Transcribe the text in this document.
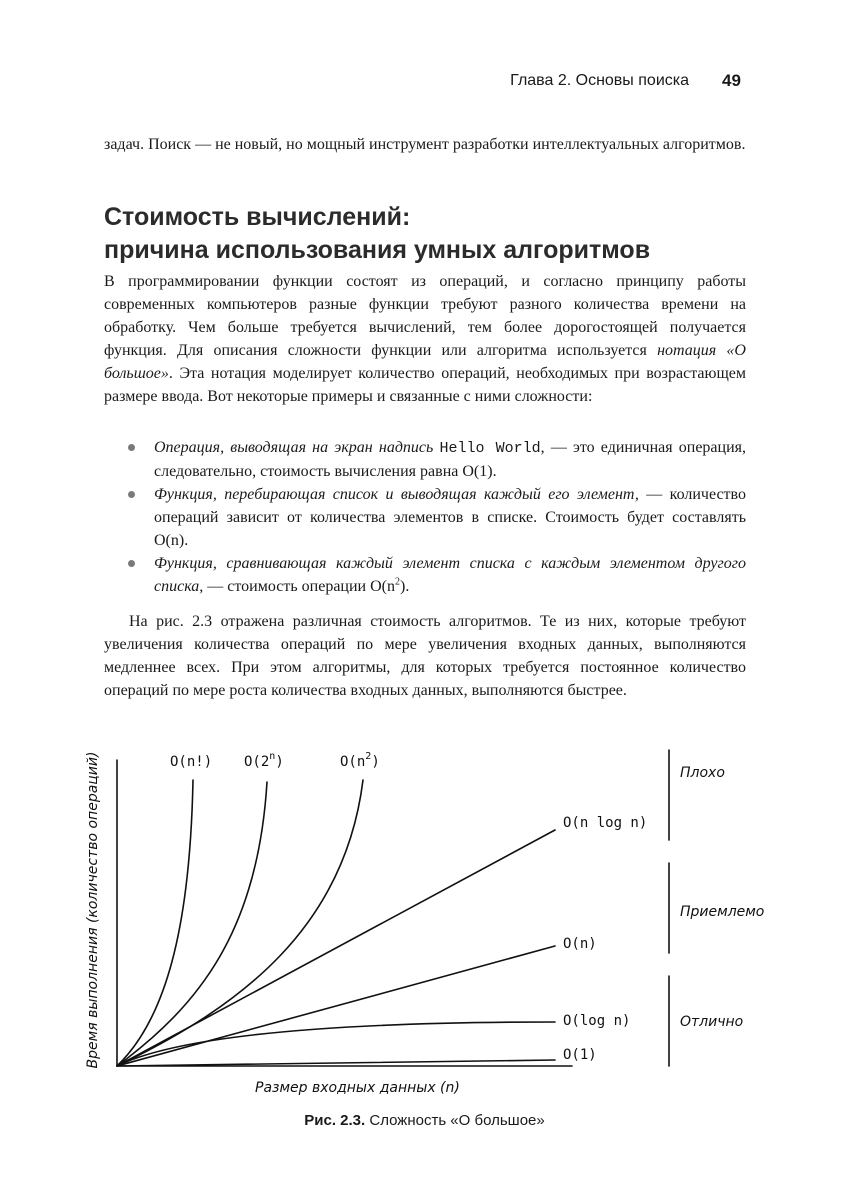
Глава 2. Основы поиска 49

задач. Поиск — не новый, но мощный инструмент разработки интеллектуальных алгоритмов.

Стоимость вычислений:
причина использования умных алгоритмов

В программировании функции состоят из операций, и согласно принципу работы современных компьютеров разные функции требуют разного количества времени на обработку. Чем больше требуется вычислений, тем более дорогостоящей получается функция. Для описания сложности функции или алгоритма используется нотация «О большое». Эта нотация моделирует количество операций, необходимых при возрастающем размере ввода. Вот некоторые примеры и связанные с ними сложности:

Операция, выводящая на экран надпись Hello World, — это единичная операция, следовательно, стоимость вычисления равна O(1).
Функция, перебирающая список и выводящая каждый его элемент, — количество операций зависит от количества элементов в списке. Стоимость будет составлять O(n).
Функция, сравнивающая каждый элемент списка с каждым элементом другого списка, — стоимость операции $O(n^2)$.

На рис. 2.3 отражена различная стоимость алгоритмов. Те из них, которые требуют увеличения количества операций по мере увеличения входных данных, выполняются медленнее всех. При этом алгоритмы, для которых требуется постоянное количество операций по мере роста количества входных данных, выполняются быстрее.

O(n!) O(2$^n$)	$O(n^2)$
O(n log n)
O(n)
O(log n)
O(1)
Плохо
Приемлемо
Отлично
Размер входных данных (n)
Время выполнения (количество операций)
Рис. 2.3. Сложность «О большое»
